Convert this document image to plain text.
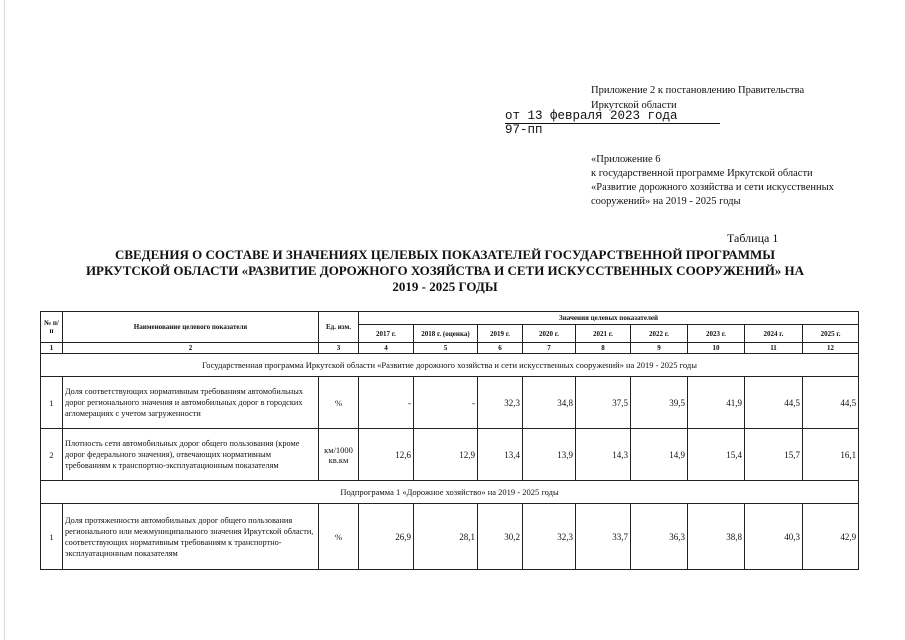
Приложение 2 к постановлению Правительства
Иркутской области
от 13 февраля 2023 года
97-пп
«Приложение 6
к государственной программе Иркутской области
«Развитие дорожного хозяйства и сети искусственных
сооружений» на 2019 - 2025 годы
Таблица 1
СВЕДЕНИЯ О СОСТАВЕ И ЗНАЧЕНИЯХ ЦЕЛЕВЫХ ПОКАЗАТЕЛЕЙ ГОСУДАРСТВЕННОЙ ПРОГРАММЫ
ИРКУТСКОЙ ОБЛАСТИ «РАЗВИТИЕ ДОРОЖНОГО ХОЗЯЙСТВА И СЕТИ ИСКУССТВЕННЫХ СООРУЖЕНИЙ» НА
2019 - 2025 ГОДЫ
№ п/п	Наименование целевого показателя	Ед. изм.	Значения целевых показателей								
			2017 г.	2018 г. (оценка)	2019 г.	2020 г.	2021 г.	2022 г.	2023 г.	2024 г.	2025 г.
1	2	3	4	5	6	7	8	9	10	11	12
Государственная программа Иркутской области «Развитие дорожного хозяйства и сети искусственных сооружений» на 2019 - 2025 годы											
1	Доля соответствующих нормативным требованиям автомобильных дорог регионального значения и автомобильных дорог в городских агломерациях с учетом загруженности	%	-	-	32,3	34,8	37,5	39,5	41,9	44,5	44,5
2	Плотность сети автомобильных дорог общего пользования (кроме дорог федерального значения), отвечающих нормативным требованиям к транспортно-эксплуатационным показателям	км/1000 кв.км	12,6	12,9	13,4	13,9	14,3	14,9	15,4	15,7	16,1
Подпрограмма 1 «Дорожное хозяйство» на 2019 - 2025 годы											
1	Доля протяженности автомобильных дорог общего пользования регионального или межмуниципального значения Иркутской области, соответствующих нормативным требованиям к транспортно-эксплуатационным показателям	%	26,9	28,1	30,2	32,3	33,7	36,3	38,8	40,3	42,9
